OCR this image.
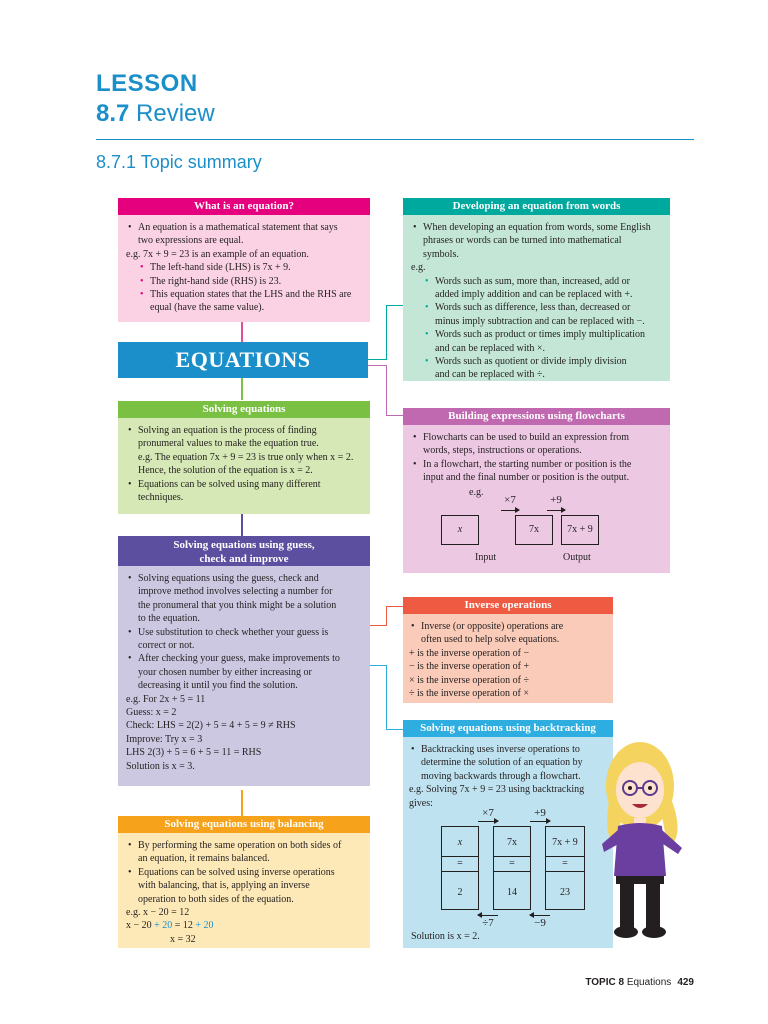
LESSON
8.7 Review
8.7.1 Topic summary
What is an equation?
• An equation is a mathematical statement that says
two expressions are equal.

e.g. 7x + 9 = 23 is an example of an equation.

• The left-hand side (LHS) is 7x + 9.
• The right-hand side (RHS) is 23.
• This equation states that the LHS and the RHS are
equal (have the same value).
Developing an equation from words
• When developing an equation from words, some English
phrases or words can be turned into mathematical
symbols.

e.g.

• Words such as sum, more than, increased, add or
added imply addition and can be replaced with +.
• Words such as difference, less than, decreased or
minus imply subtraction and can be replaced with −.
• Words such as product or times imply multiplication
and can be replaced with ×.
• Words such as quotient or divide imply division
and can be replaced with ÷.
EQUATIONS
Solving equations
• Solving an equation is the process of finding
pronumeral values to make the equation true.
e.g. The equation 7x + 9 = 23 is true only when x = 2.
Hence, the solution of the equation is x = 2.
• Equations can be solved using many different
techniques.
Building expressions using flowcharts
• Flowcharts can be used to build an expression from
words, steps, instructions or operations.
• In a flowchart, the starting number or position is the
input and the final number or position is the output.
e.g.
×7	+9
x	7x	7x + 9
Input	Output
Solving equations using guess,
check and improve
• Solving equations using the guess, check and
improve method involves selecting a number for
the pronumeral that you think might be a solution
to the equation.
• Use substitution to check whether your guess is
correct or not.
• After checking your guess, make improvements to
your chosen number by either increasing or
decreasing it until you find the solution.

e.g. For 2x + 5 = 11

Guess: x = 2

Check: LHS = 2(2) + 5 = 4 + 5 = 9 ≠ RHS

Improve: Try x = 3

LHS 2(3) + 5 = 6 + 5 = 11 = RHS

Solution is x = 3.

Inverse operations
• Inverse (or opposite) operations are
often used to help solve equations.

+ is the inverse operation of −

− is the inverse operation of +

× is the inverse operation of ÷

÷ is the inverse operation of ×

Solving equations using backtracking
• Backtracking uses inverse operations to
determine the solution of an equation by
moving backwards through a flowchart.

e.g. Solving 7x + 9 = 23 using backtracking

gives:

×7	+9
x	7x	7x + 9
=	=	=
2	14	23
÷7	−9
Solution is x = 2.
Solving equations using balancing
• By performing the same operation on both sides of
an equation, it remains balanced.
• Equations can be solved using inverse operations
with balancing, that is, applying an inverse
operation to both sides of the equation.

e.g. x − 20 = 12

x − 20 + 20 = 12 + 20

x = 32

TOPIC 8 Equations 429
